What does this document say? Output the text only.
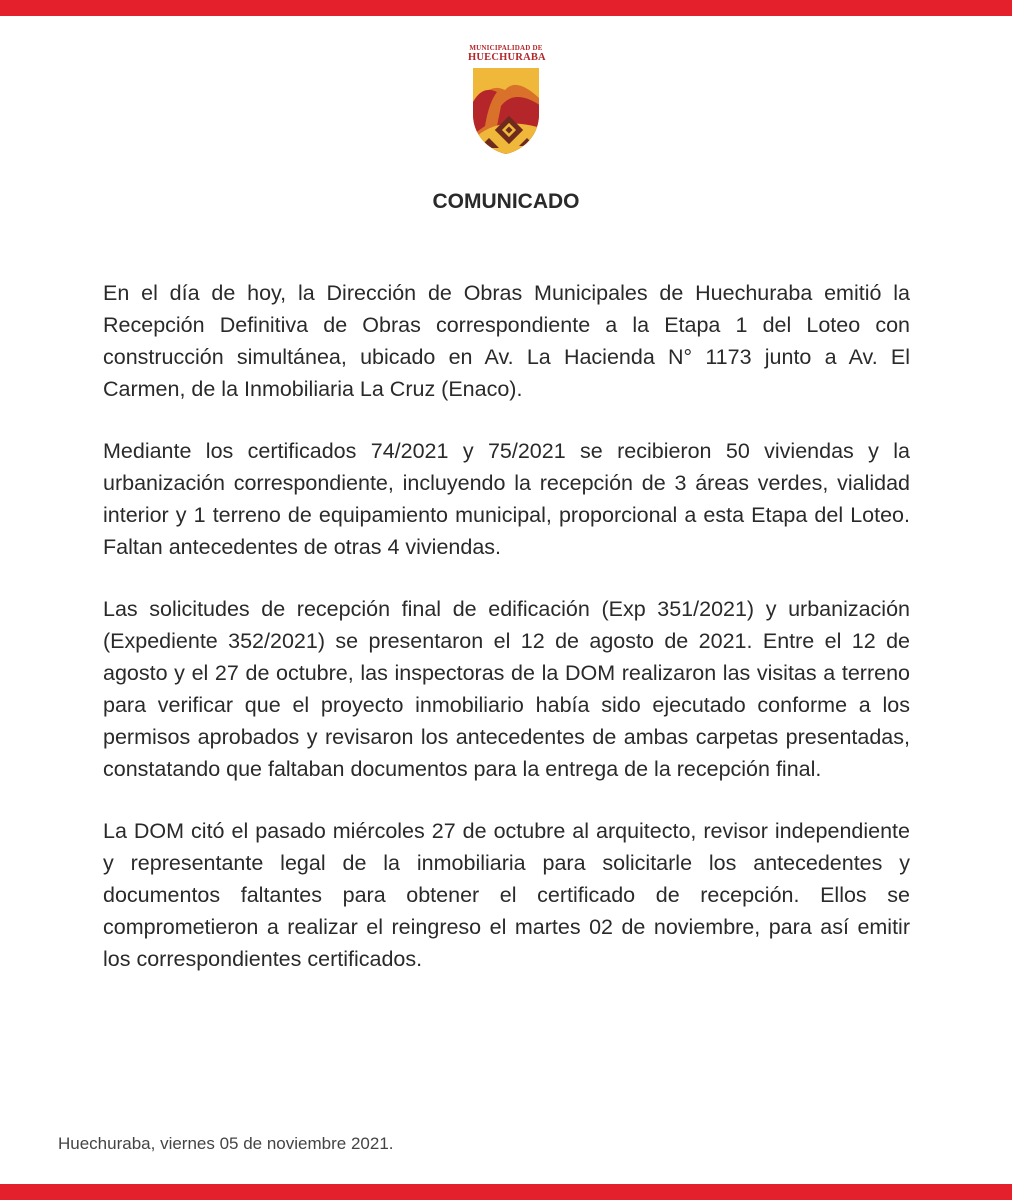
MUNICIPALIDAD DE
HUECHURABA
COMUNICADO

En el día de hoy, la Dirección de Obras Municipales de Huechuraba emitió la Recepción Definitiva de Obras correspondiente a la Etapa 1 del Loteo con construcción simultánea, ubicado en Av. La Hacienda N° 1173 junto a Av. El Carmen, de la Inmobiliaria La Cruz (Enaco).

Mediante los certificados 74/2021 y 75/2021 se recibieron 50 viviendas y la urbanización correspondiente, incluyendo la recepción de 3 áreas verdes, vialidad interior y 1 terreno de equipamiento municipal, proporcional a esta Etapa del Loteo. Faltan antecedentes de otras 4 viviendas.

Las solicitudes de recepción final de edificación (Exp 351/2021) y urbanización (Expediente 352/2021) se presentaron el 12 de agosto de 2021. Entre el 12 de agosto y el 27 de octubre, las inspectoras de la DOM realizaron las visitas a terreno para verificar que el proyecto inmobiliario había sido ejecutado conforme a los permisos aprobados y revisaron los antecedentes de ambas carpetas presentadas, constatando que faltaban documentos para la entrega de la recepción final.

La DOM citó el pasado miércoles 27 de octubre al arquitecto, revisor independiente y representante legal de la inmobiliaria para solicitarle los antecedentes y documentos faltantes para obtener el certificado de recepción. Ellos se comprometieron a realizar el reingreso el martes 02 de noviembre, para así emitir los correspondientes certificados.

Huechuraba, viernes 05 de noviembre 2021.
